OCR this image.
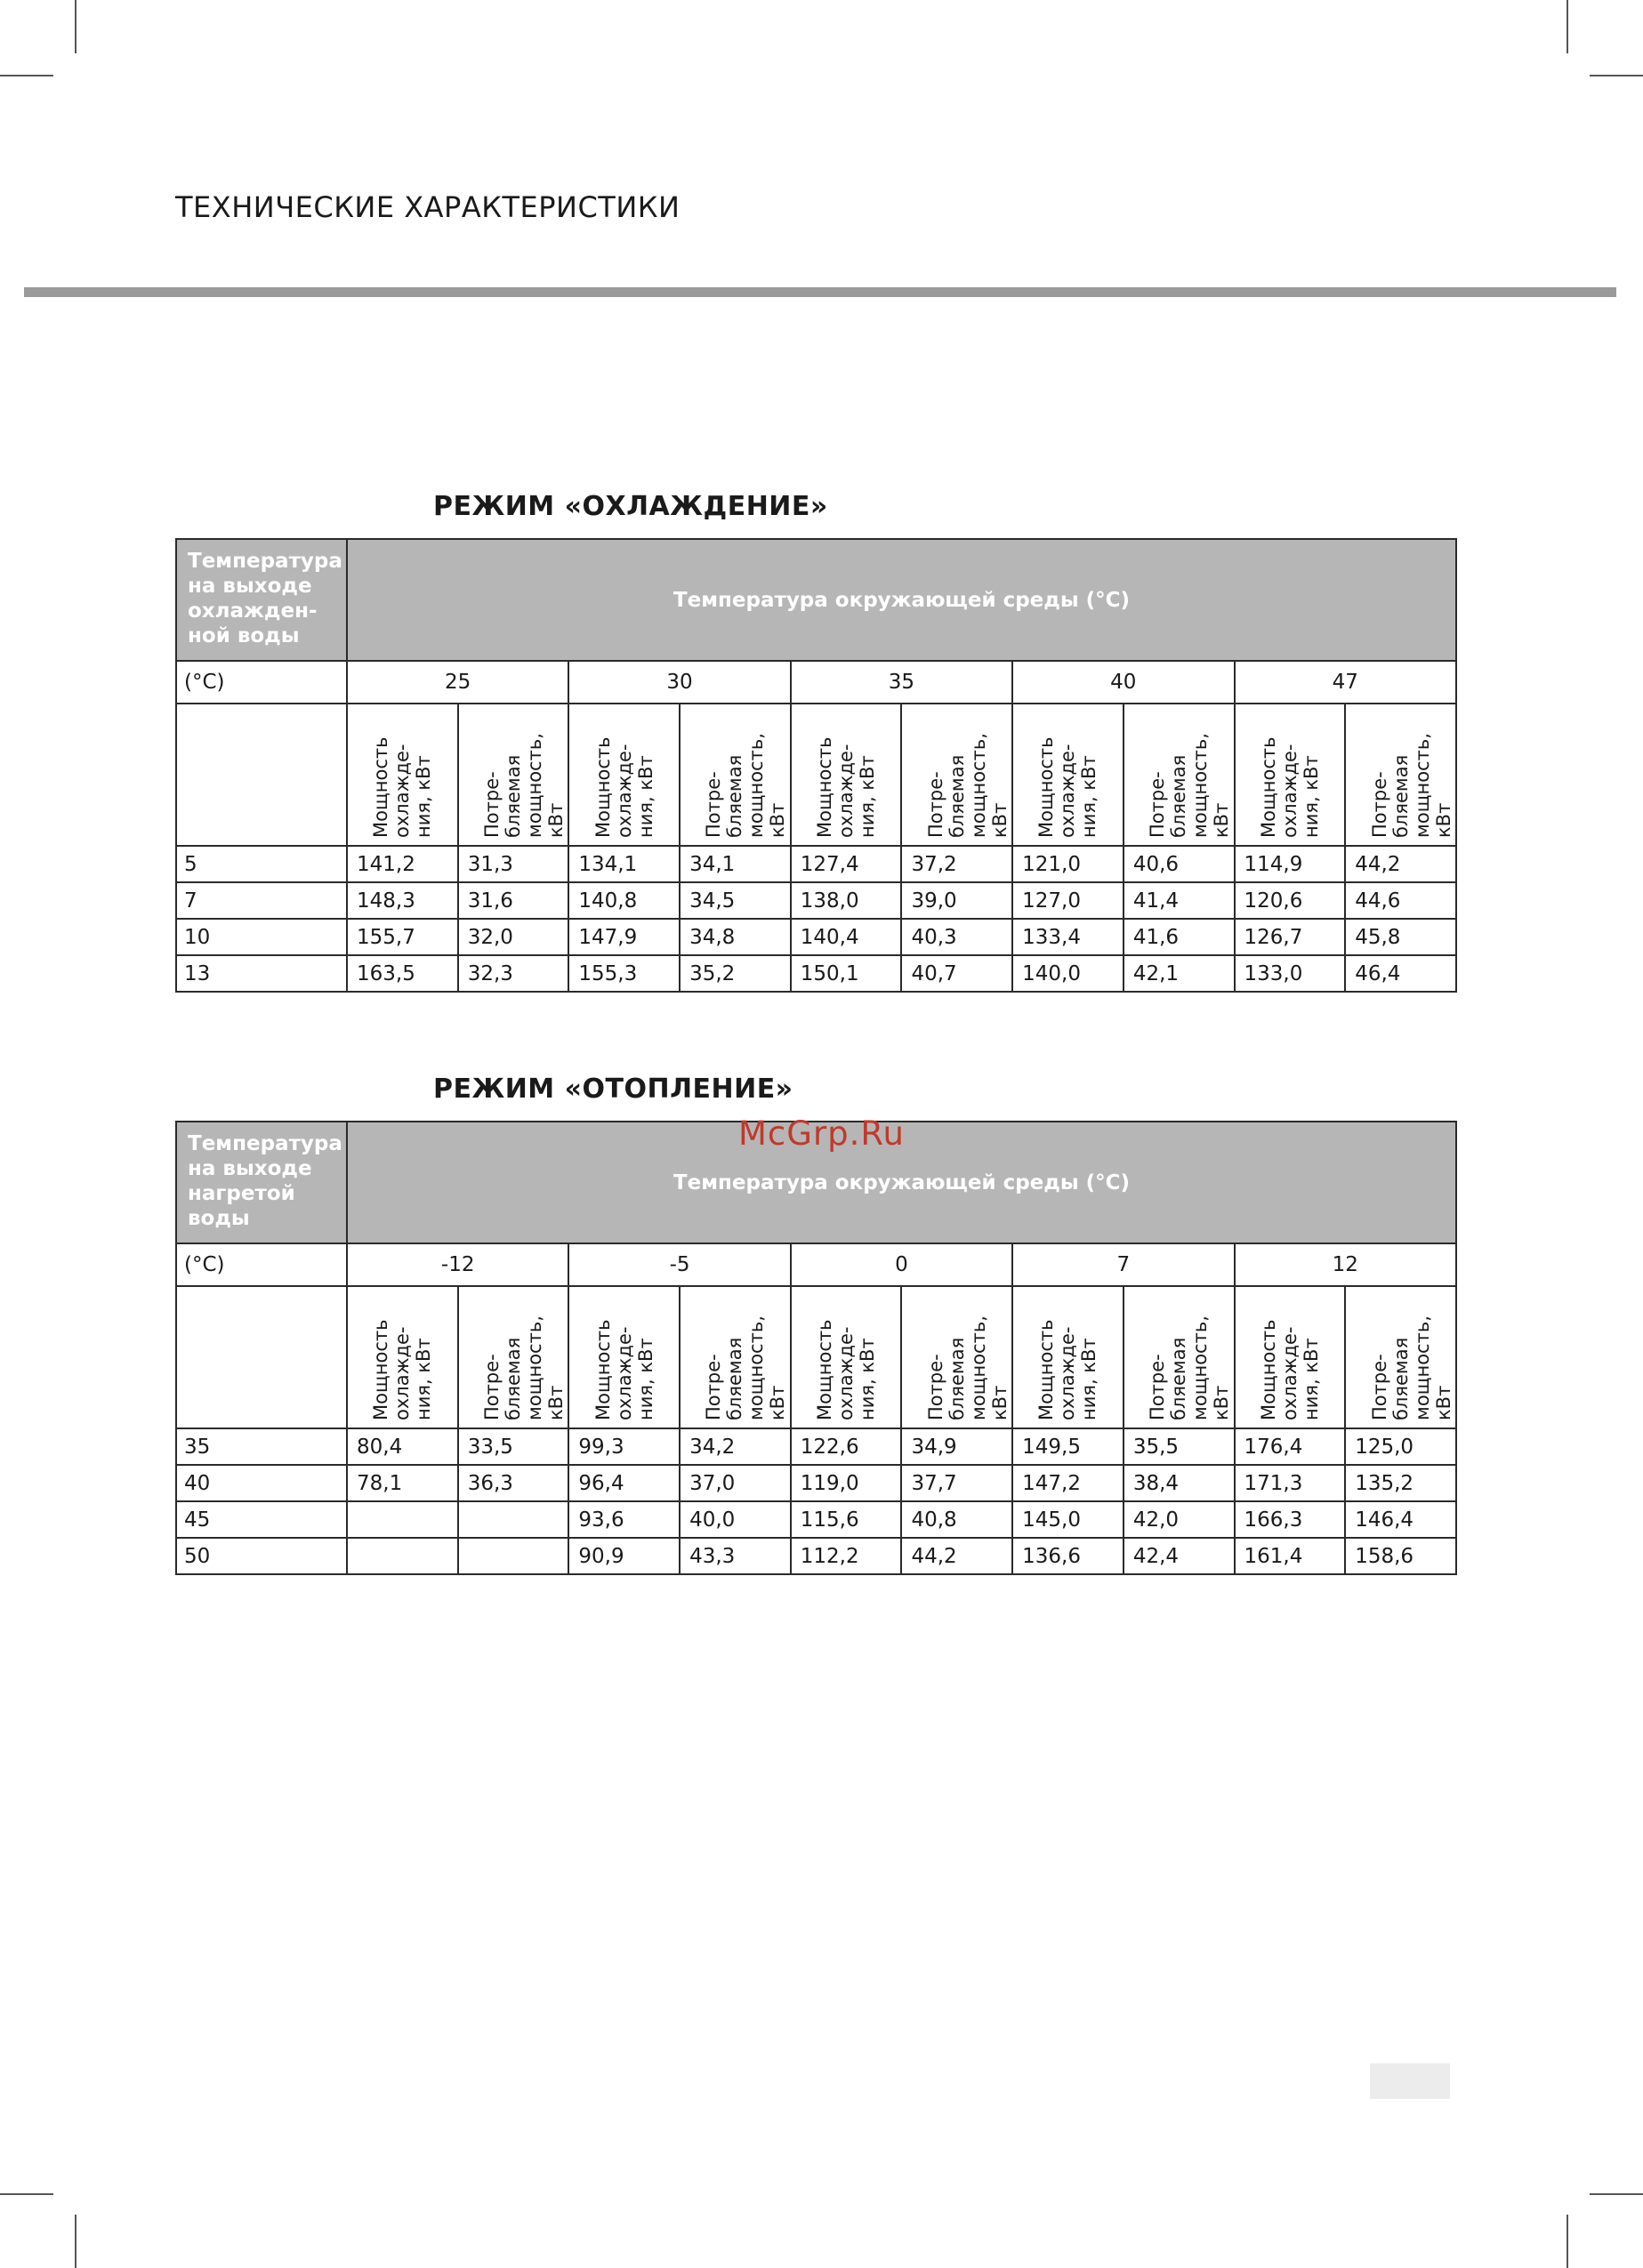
ТЕХНИЧЕСКИЕ ХАРАКТЕРИСТИКИ
РЕЖИМ «ОХЛАЖДЕНИЕ»
Температура на выходе охлажден-ной воды	Температура окружающей среды (°С)									
(°С)	25		30		35		40		47	

	Мощность
охлажде-
ния, кВт	Потре-
бляемая
мощность,
кВт	Мощность
охлажде-
ния, кВт	Потре-
бляемая
мощность,
кВт	Мощность
охлажде-
ния, кВт	Потре-
бляемая
мощность,
кВт	Мощность
охлажде-
ния, кВт	Потре-
бляемая
мощность,
кВт	Мощность
охлажде-
ния, кВт	Потре-
бляемая
мощность,
кВт

5	141,2	31,3	134,1	34,1	127,4	37,2	121,0	40,6	114,9	44,2
7	148,3	31,6	140,8	34,5	138,0	39,0	127,0	41,4	120,6	44,6
10	155,7	32,0	147,9	34,8	140,4	40,3	133,4	41,6	126,7	45,8
13	163,5	32,3	155,3	35,2	150,1	40,7	140,0	42,1	133,0	46,4
РЕЖИМ «ОТОПЛЕНИЕ»
Температура на выходе нагретой воды	Температура окружающей среды (°С)									
(°С)	-12		-5		0		7		12	

	Мощность
охлажде-
ния, кВт	Потре-
бляемая
мощность,
кВт	Мощность
охлажде-
ния, кВт	Потре-
бляемая
мощность,
кВт	Мощность
охлажде-
ния, кВт	Потре-
бляемая
мощность,
кВт	Мощность
охлажде-
ния, кВт	Потре-
бляемая
мощность,
кВт	Мощность
охлажде-
ния, кВт	Потре-
бляемая
мощность,
кВт

35	80,4	33,5	99,3	34,2	122,6	34,9	149,5	35,5	176,4	125,0
40	78,1	36,3	96,4	37,0	119,0	37,7	147,2	38,4	171,3	135,2
45			93,6	40,0	115,6	40,8	145,0	42,0	166,3	146,4
50			90,9	43,3	112,2	44,2	136,6	42,4	161,4	158,6
McGrp.Ru
